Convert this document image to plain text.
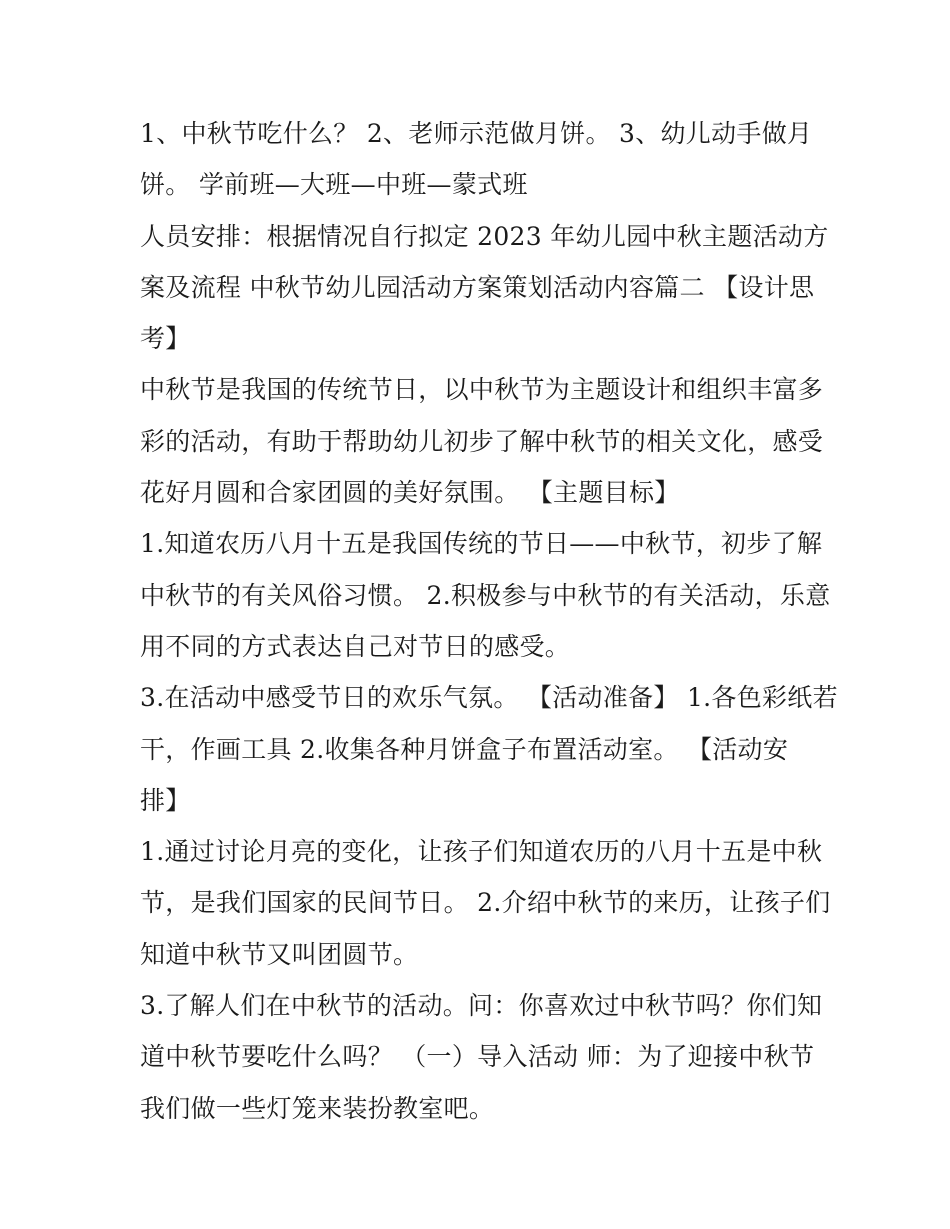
1、中秋节吃什么？ 2、老师示范做月饼。 3、幼儿动手做月
饼。 学前班—大班—中班—蒙式班
人员安排：根据情况自行拟定 2023 年幼儿园中秋主题活动方
案及流程 中秋节幼儿园活动方案策划活动内容篇二 【设计思
考】
中秋节是我国的传统节日，以中秋节为主题设计和组织丰富多
彩的活动，有助于帮助幼儿初步了解中秋节的相关文化，感受
花好月圆和合家团圆的美好氛围。 【主题目标】
1.知道农历八月十五是我国传统的节日——中秋节，初步了解
中秋节的有关风俗习惯。 2.积极参与中秋节的有关活动，乐意
用不同的方式表达自己对节日的感受。
3.在活动中感受节日的欢乐气氛。 【活动准备】 1.各色彩纸若
干，作画工具 2.收集各种月饼盒子布置活动室。 【活动安
排】
1.通过讨论月亮的变化，让孩子们知道农历的八月十五是中秋
节，是我们国家的民间节日。 2.介绍中秋节的来历，让孩子们
知道中秋节又叫团圆节。
3.了解人们在中秋节的活动。问：你喜欢过中秋节吗？你们知
道中秋节要吃什么吗？ （一）导入活动 师：为了迎接中秋节
我们做一些灯笼来装扮教室吧。
